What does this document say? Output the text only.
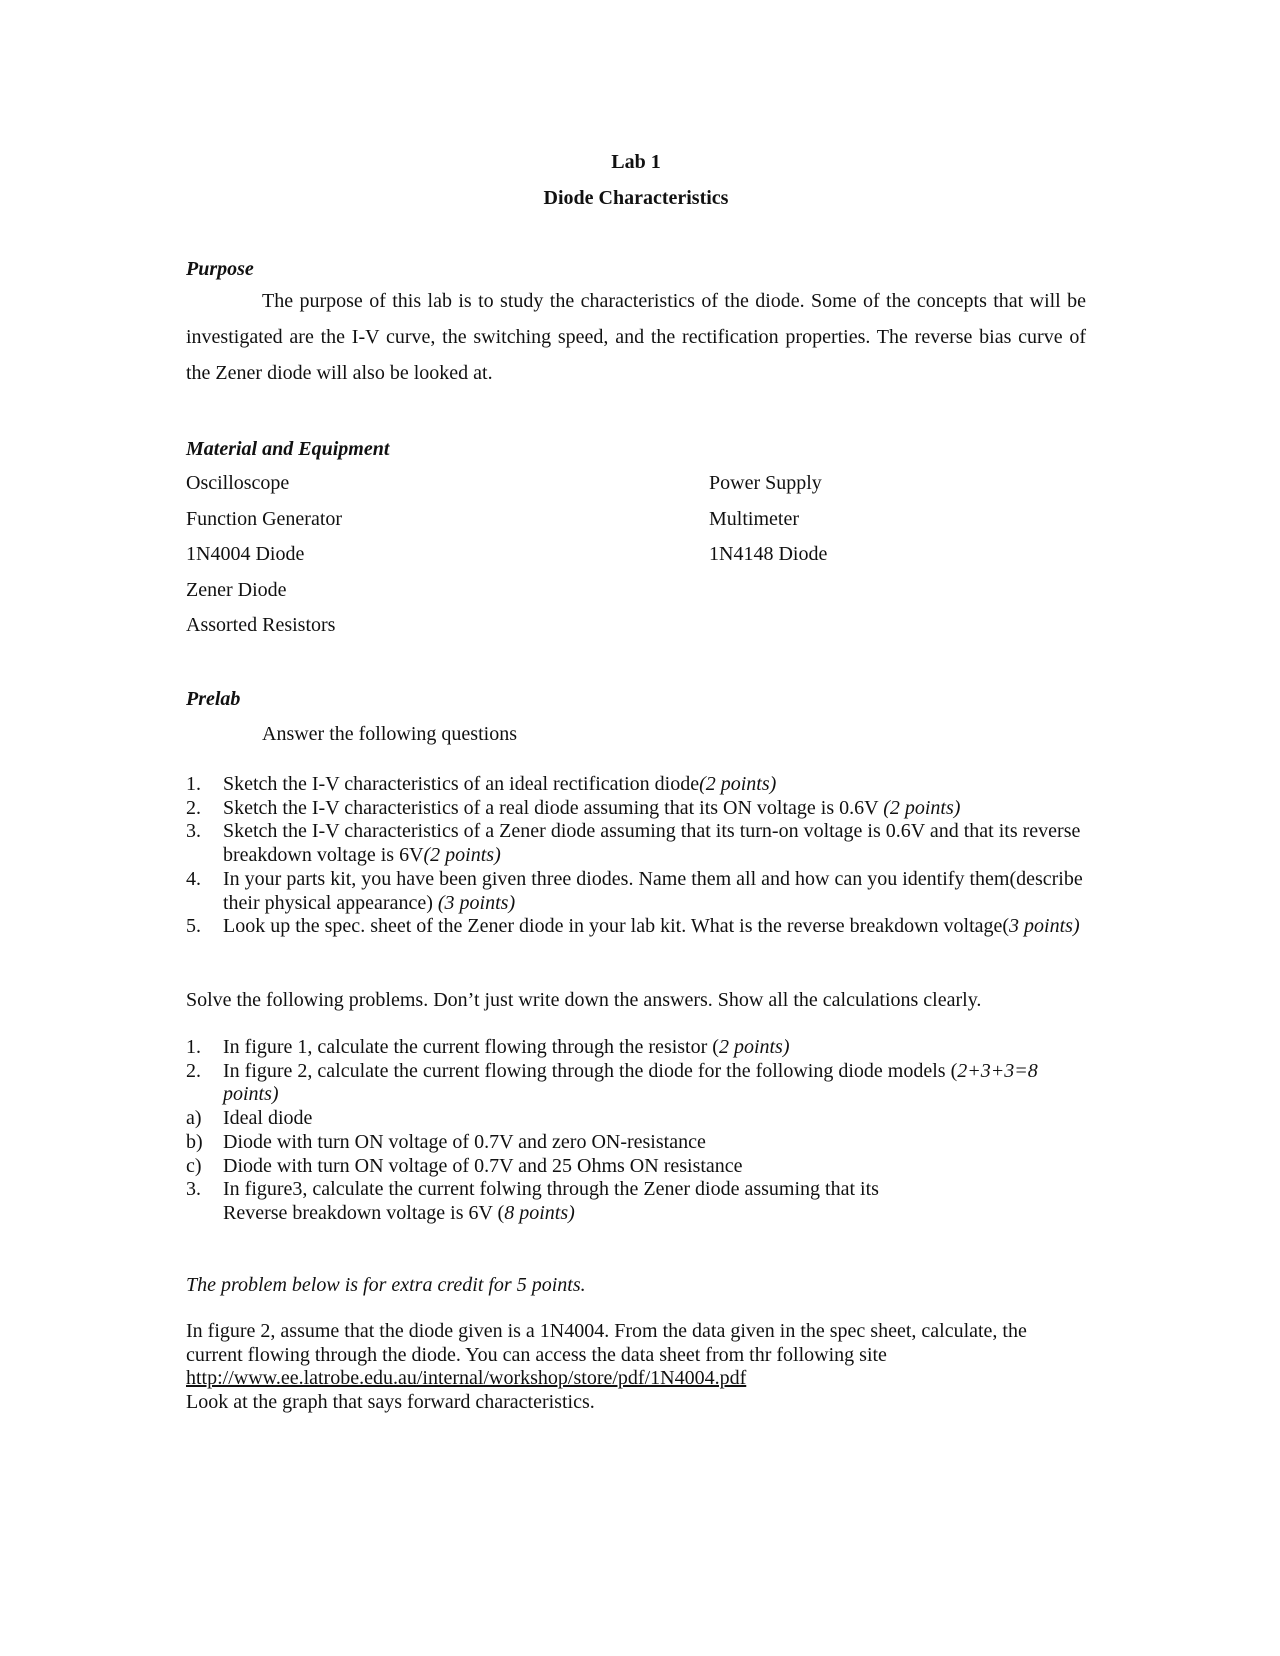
Lab 1
Diode Characteristics
Purpose

The purpose of this lab is to study the characteristics of the diode. Some of the concepts that will be investigated are the I-V curve, the switching speed, and the rectification properties. The reverse bias curve of the Zener diode will also be looked at.

Material and Equipment
Oscilloscope	Power Supply
Function Generator	Multimeter
1N4004 Diode	1N4148 Diode
Zener Diode
Assorted Resistors
Prelab
Answer the following questions
1. Sketch the I-V characteristics of an ideal rectification diode(2 points)
2. Sketch the I-V characteristics of a real diode assuming that its ON voltage is 0.6V (2 points)
3. Sketch the I-V characteristics of a Zener diode assuming that its turn-on voltage is 0.6V and that its reverse breakdown voltage is 6V(2 points)
4. In your parts kit, you have been given three diodes. Name them all and how can you identify them(describe their physical appearance) (3 points)
5. Look up the spec. sheet of the Zener diode in your lab kit. What is the reverse breakdown voltage(3 points)
Solve the following problems. Don’t just write down the answers. Show all the calculations clearly.
1. In figure 1, calculate the current flowing through the resistor (2 points)
2. In figure 2, calculate the current flowing through the diode for the following diode models (2+3+3=8 points)
a) Ideal diode
b) Diode with turn ON voltage of 0.7V and zero ON-resistance
c) Diode with turn ON voltage of 0.7V and 25 Ohms ON resistance
3. In figure3, calculate the current folwing through the Zener diode assuming that its Reverse breakdown voltage is 6V (8 points)
The problem below is for extra credit for 5 points.
In figure 2, assume that the diode given is a 1N4004. From the data given in the spec sheet, calculate, the current flowing through the diode. You can access the data sheet from thr following site
http://www.ee.latrobe.edu.au/internal/workshop/store/pdf/1N4004.pdf
Look at the graph that says forward characteristics.
